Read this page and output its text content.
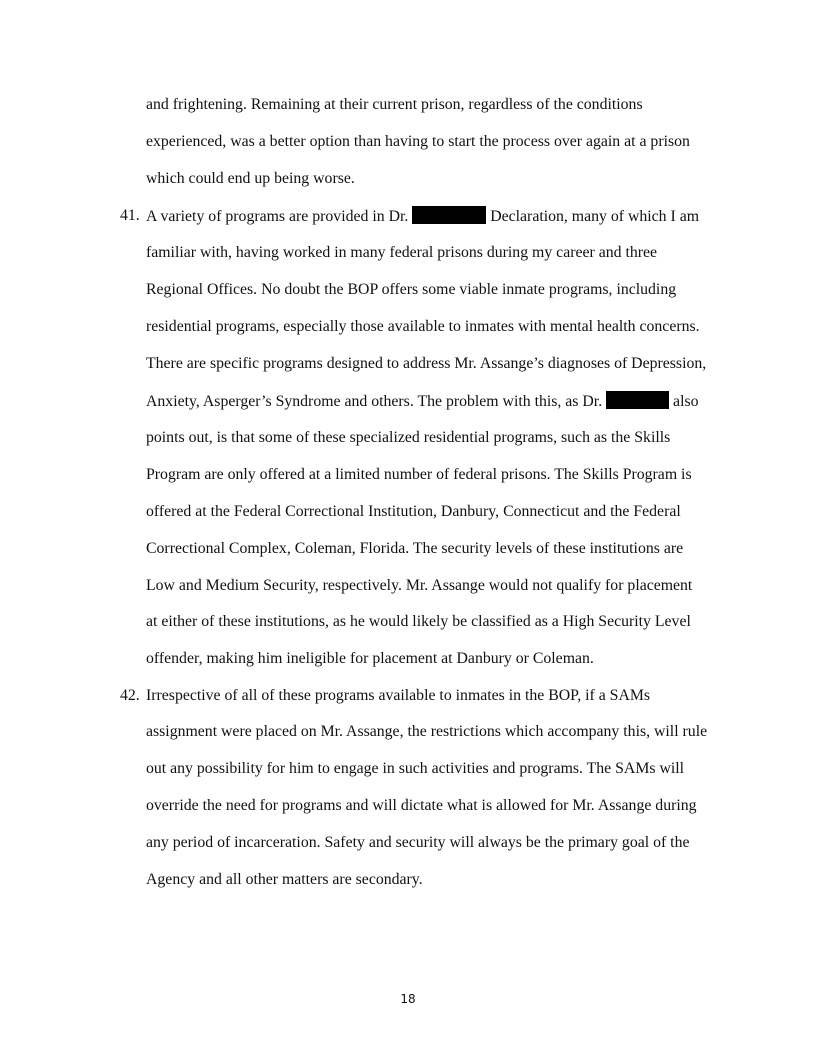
and frightening. Remaining at their current prison, regardless of the conditions
experienced, was a better option than having to start the process over again at a prison
which could end up being worse.
41. A variety of programs are provided in Dr.	Declaration, many of which I am
familiar with, having worked in many federal prisons during my career and three
Regional Offices. No doubt the BOP offers some viable inmate programs, including
residential programs, especially those available to inmates with mental health concerns.
There are specific programs designed to address Mr. Assange’s diagnoses of Depression,
Anxiety, Asperger’s Syndrome and others. The problem with this, as Dr.	also
points out, is that some of these specialized residential programs, such as the Skills
Program are only offered at a limited number of federal prisons. The Skills Program is
offered at the Federal Correctional Institution, Danbury, Connecticut and the Federal
Correctional Complex, Coleman, Florida. The security levels of these institutions are
Low and Medium Security, respectively. Mr. Assange would not qualify for placement
at either of these institutions, as he would likely be classified as a High Security Level
offender, making him ineligible for placement at Danbury or Coleman.
42. Irrespective of all of these programs available to inmates in the BOP, if a SAMs
assignment were placed on Mr. Assange, the restrictions which accompany this, will rule
out any possibility for him to engage in such activities and programs. The SAMs will
override the need for programs and will dictate what is allowed for Mr. Assange during
any period of incarceration. Safety and security will always be the primary goal of the
Agency and all other matters are secondary.
18
